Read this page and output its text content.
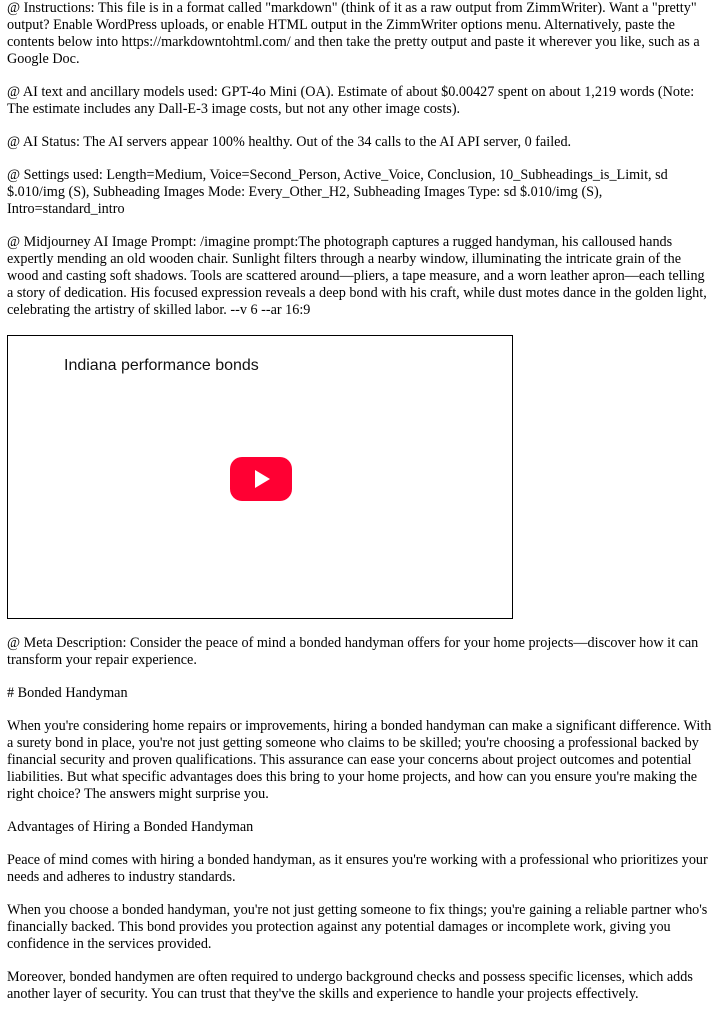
@ Instructions: This file is in a format called "markdown" (think of it as a raw output from ZimmWriter). Want a "pretty" output? Enable WordPress uploads, or enable HTML output in the ZimmWriter options menu. Alternatively, paste the contents below into https://markdowntohtml.com/ and then take the pretty output and paste it wherever you like, such as a Google Doc.

@ AI text and ancillary models used: GPT-4o Mini (OA). Estimate of about $0.00427 spent on about 1,219 words (Note: The estimate includes any Dall-E-3 image costs, but not any other image costs).

@ AI Status: The AI servers appear 100% healthy. Out of the 34 calls to the AI API server, 0 failed.

@ Settings used: Length=Medium, Voice=Second_Person, Active_Voice, Conclusion, 10_Subheadings_is_Limit, sd $.010/img (S), Subheading Images Mode: Every_Other_H2, Subheading Images Type: sd $.010/img (S), Intro=standard_intro

@ Midjourney AI Image Prompt: /imagine prompt:The photograph captures a rugged handyman, his calloused hands expertly mending an old wooden chair. Sunlight filters through a nearby window, illuminating the intricate grain of the wood and casting soft shadows. Tools are scattered around—pliers, a tape measure, and a worn leather apron—each telling a story of dedication. His focused expression reveals a deep bond with his craft, while dust motes dance in the golden light, celebrating the artistry of skilled labor. --v 6 --ar 16:9

Indiana performance bonds

@ Meta Description: Consider the peace of mind a bonded handyman offers for your home projects—discover how it can transform your repair experience.

# Bonded Handyman

When you're considering home repairs or improvements, hiring a bonded handyman can make a significant difference. With a surety bond in place, you're not just getting someone who claims to be skilled; you're choosing a professional backed by financial security and proven qualifications. This assurance can ease your concerns about project outcomes and potential liabilities. But what specific advantages does this bring to your home projects, and how can you ensure you're making the right choice? The answers might surprise you.

Advantages of Hiring a Bonded Handyman

Peace of mind comes with hiring a bonded handyman, as it ensures you're working with a professional who prioritizes your needs and adheres to industry standards.

When you choose a bonded handyman, you're not just getting someone to fix things; you're gaining a reliable partner who's financially backed. This bond provides you protection against any potential damages or incomplete work, giving you confidence in the services provided.

Moreover, bonded handymen are often required to undergo background checks and possess specific licenses, which adds another layer of security. You can trust that they've the skills and experience to handle your projects effectively.
